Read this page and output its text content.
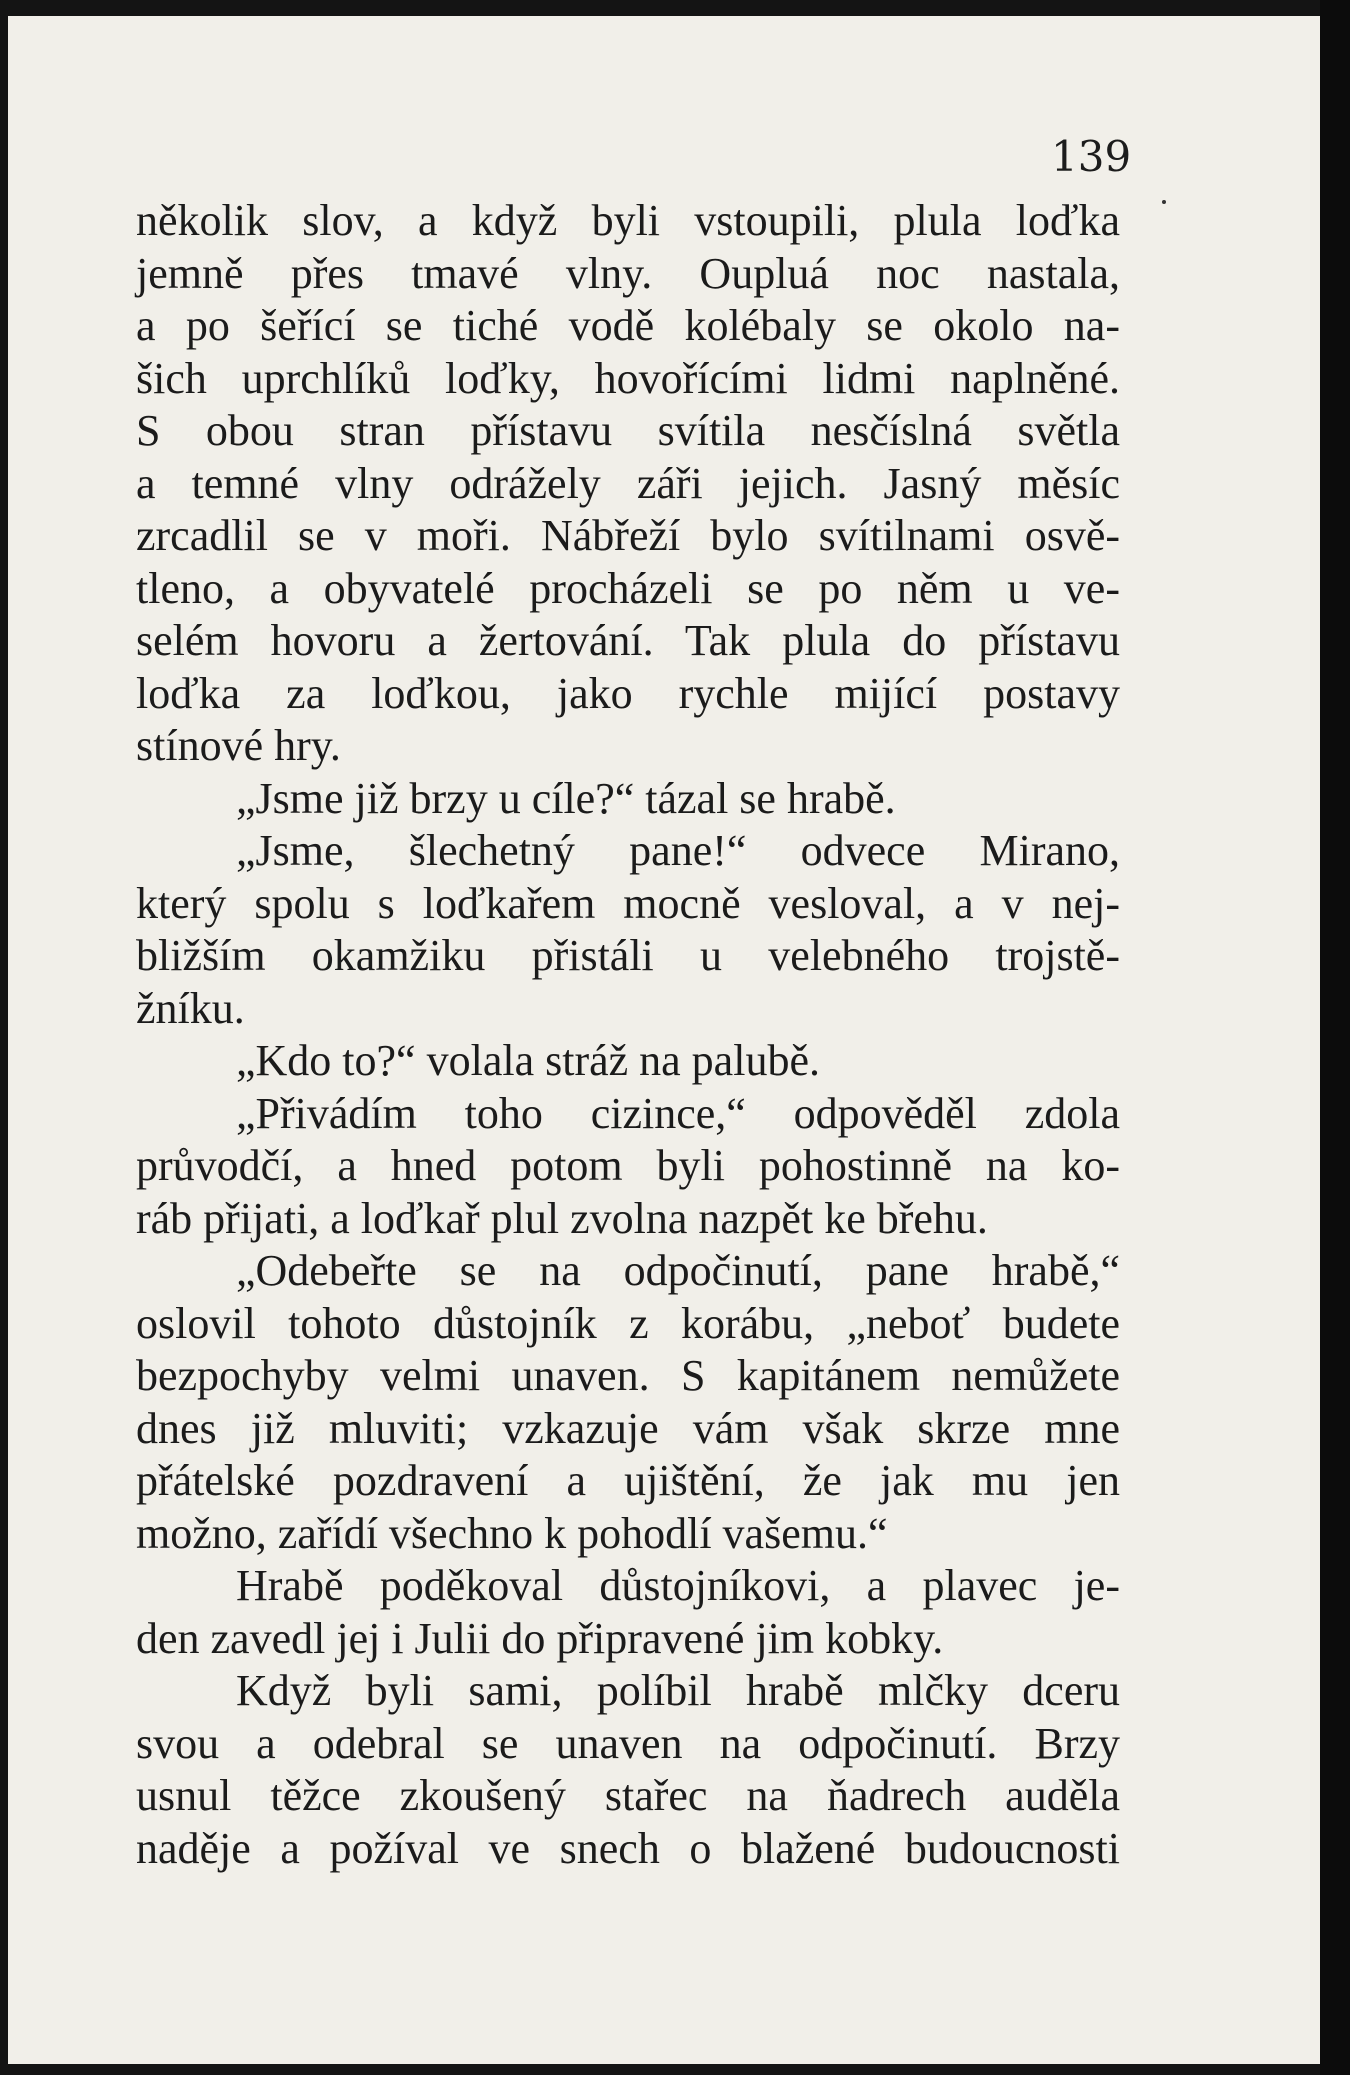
139
několik slov, a když byli vstoupili, plula loďka
jemně přes tmavé vlny. Oupluá noc nastala,
a po šeřící se tiché vodě kolébaly se okolo na-
šich uprchlíků loďky, hovořícími lidmi naplněné.
S obou stran přístavu svítila nesčíslná světla
a temné vlny odrážely záři jejich. Jasný měsíc
zrcadlil se v moři. Nábřeží bylo svítilnami osvě-
tleno, a obyvatelé procházeli se po něm u ve-
selém hovoru a žertování. Tak plula do přístavu
loďka za loďkou, jako rychle mijící postavy
stínové hry.
„Jsme již brzy u cíle?“ tázal se hrabě.
„Jsme, šlechetný pane!“ odvece Mirano,
který spolu s loďkařem mocně vesloval, a v nej-
bližším okamžiku přistáli u velebného trojstě-
žníku.
„Kdo to?“ volala stráž na palubě.
„Přivádím toho cizince,“ odpověděl zdola
průvodčí, a hned potom byli pohostinně na ko-
ráb přijati, a loďkař plul zvolna nazpět ke břehu.
„Odebeřte se na odpočinutí, pane hrabě,“
oslovil tohoto důstojník z korábu, „neboť budete
bezpochyby velmi unaven. S kapitánem nemůžete
dnes již mluviti; vzkazuje vám však skrze mne
přátelské pozdravení a ujištění, že jak mu jen
možno, zařídí všechno k pohodlí vašemu.“
Hrabě poděkoval důstojníkovi, a plavec je-
den zavedl jej i Julii do připravené jim kobky.
Když byli sami, políbil hrabě mlčky dceru
svou a odebral se unaven na odpočinutí. Brzy
usnul těžce zkoušený stařec na ňadrech auděla
naděje a požíval ve snech o blažené budoucnosti
